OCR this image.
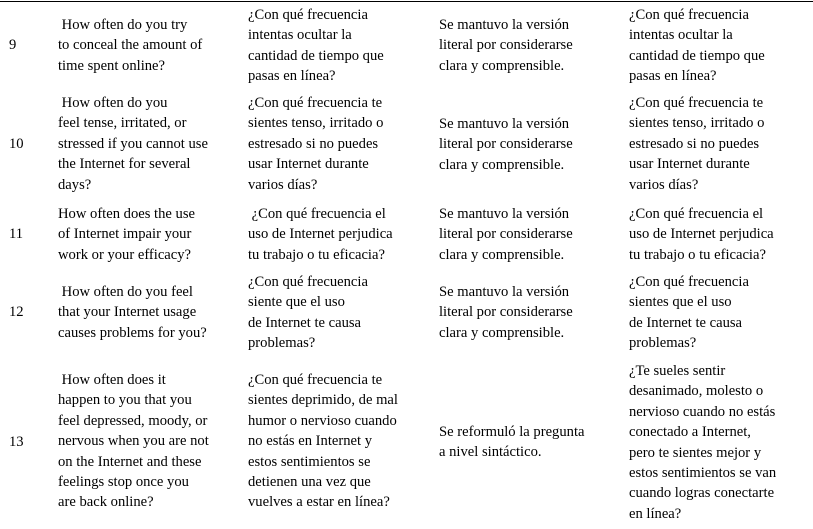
9
How often do you try
to conceal the amount of
time spent online?
¿Con qué frecuencia
intentas ocultar la
cantidad de tiempo que
pasas en línea?
Se mantuvo la versión
literal por considerarse
clara y comprensible.
¿Con qué frecuencia
intentas ocultar la
cantidad de tiempo que
pasas en línea?
10
How often do you
feel tense, irritated, or
stressed if you cannot use
the Internet for several
days?
¿Con qué frecuencia te
sientes tenso, irritado o
estresado si no puedes
usar Internet durante
varios días?
Se mantuvo la versión
literal por considerarse
clara y comprensible.
¿Con qué frecuencia te
sientes tenso, irritado o
estresado si no puedes
usar Internet durante
varios días?
11
How often does the use
of Internet impair your
work or your efficacy?
¿Con qué frecuencia el
uso de Internet perjudica
tu trabajo o tu eficacia?
Se mantuvo la versión
literal por considerarse
clara y comprensible.
¿Con qué frecuencia el
uso de Internet perjudica
tu trabajo o tu eficacia?
12
How often do you feel
that your Internet usage
causes problems for you?
¿Con qué frecuencia
siente que el uso
de Internet te causa
problemas?
Se mantuvo la versión
literal por considerarse
clara y comprensible.
¿Con qué frecuencia
sientes que el uso
de Internet te causa
problemas?
13
How often does it
happen to you that you
feel depressed, moody, or
nervous when you are not
on the Internet and these
feelings stop once you
are back online?
¿Con qué frecuencia te
sientes deprimido, de mal
humor o nervioso cuando
no estás en Internet y
estos sentimientos se
detienen una vez que
vuelves a estar en línea?
Se reformuló la pregunta
a nivel sintáctico.
¿Te sueles sentir
desanimado, molesto o
nervioso cuando no estás
conectado a Internet,
pero te sientes mejor y
estos sentimientos se van
cuando logras conectarte
en línea?
